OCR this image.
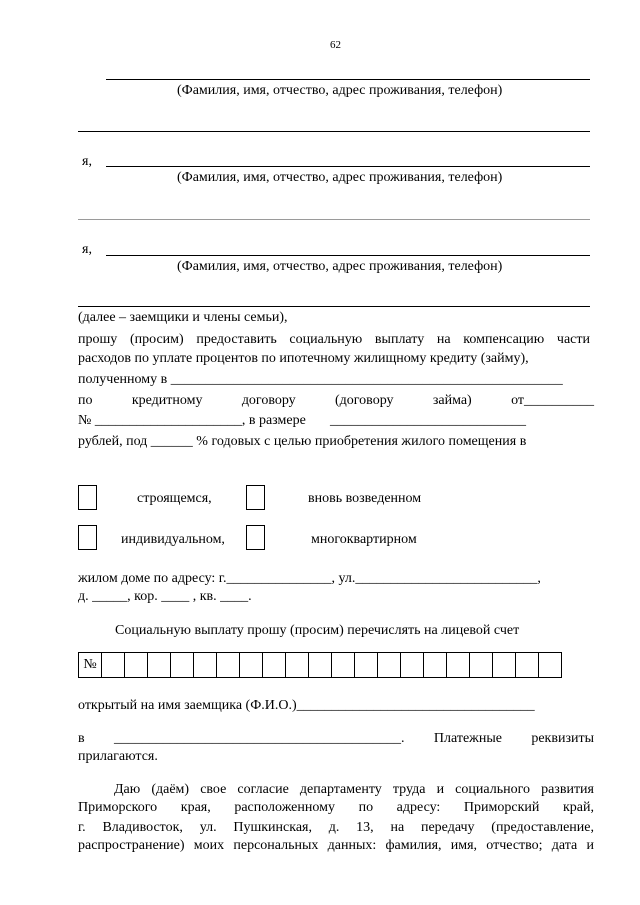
62
(Фамилия, имя, отчество, адрес проживания, телефон)
я,
(Фамилия, имя, отчество, адрес проживания, телефон)
я,
(Фамилия, имя, отчество, адрес проживания, телефон)
(далее – заемщики и члены семьи),
прошу (просим) предоставить социальную выплату на компенсацию части
расходов по уплате процентов по ипотечному жилищному кредиту (займу),
полученному в ________________________________________________________
по	кредитному	договору	(договору	займа)	от__________
№ _____________________, в размере ____________________________
рублей, под ______ % годовых с целью приобретения жилого помещения в
строящемся,	вновь возведенном
индивидуальном,	многоквартирном
жилом доме по адресу: г._______________, ул.__________________________,
д. _____, кор. ____ , кв. ____.
Социальную выплату прошу (просим) перечислять на лицевой счет
№																				
открытый на имя заемщика (Ф.И.О.)__________________________________
в _________________________________________. Платежные реквизиты
прилагаются.
Даю (даём) свое согласие департаменту труда и социального развития
Приморского края, расположенному по адресу: Приморский край,
г. Владивосток, ул. Пушкинская, д. 13, на передачу (предоставление,
распространение) моих персональных данных: фамилия, имя, отчество; дата и
